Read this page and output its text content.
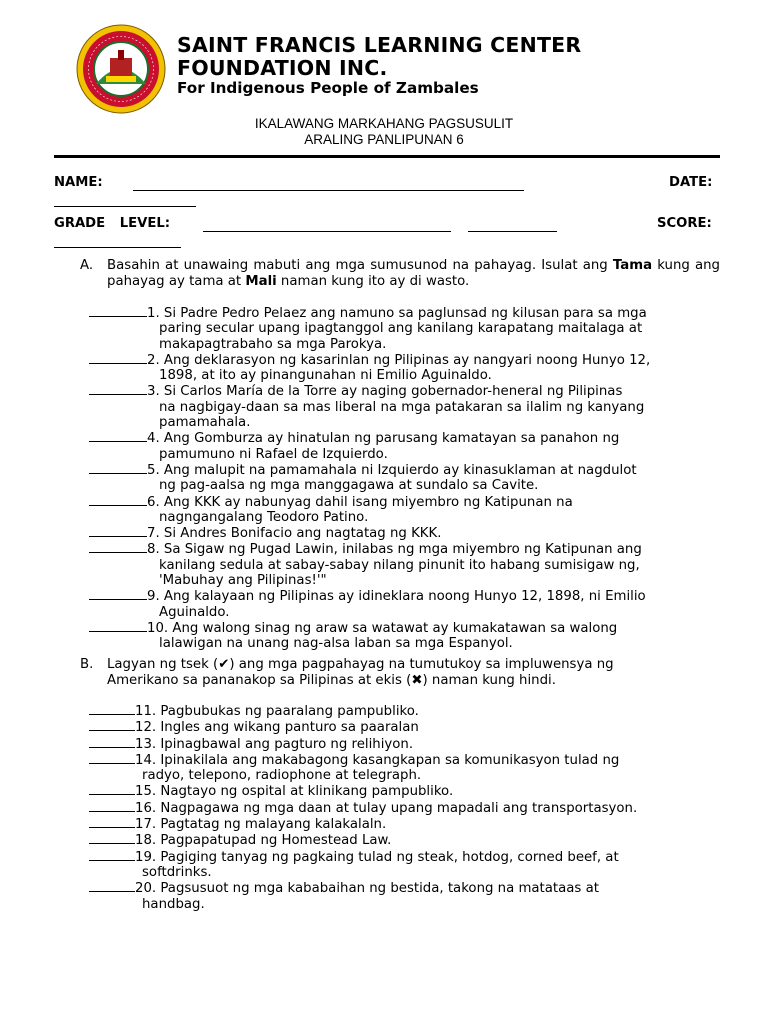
SAINT FRANCIS LEARNING CENTER
FOUNDATION INC.
For Indigenous People of Zambales
IKALAWANG MARKAHANG PAGSUSULIT
ARALING PANLIPUNAN 6
NAME:	DATE:
GRADE LEVEL:	SCORE:
A. Basahin at unawaing mabuti ang mga sumusunod na pahayag. Isulat ang Tama kung ang pahayag ay tama at Mali naman kung ito ay di wasto.
1. Si Padre Pedro Pelaez ang namuno sa paglunsad ng kilusan para sa mga
paring secular upang ipagtanggol ang kanilang karapatang maitalaga at
makapagtrabaho sa mga Parokya.
2. Ang deklarasyon ng kasarinlan ng Pilipinas ay nangyari noong Hunyo 12,
1898, at ito ay pinangunahan ni Emilio Aguinaldo.
3. Si Carlos María de la Torre ay naging gobernador-heneral ng Pilipinas
na nagbigay-daan sa mas liberal na mga patakaran sa ilalim ng kanyang
pamamahala.
4. Ang Gomburza ay hinatulan ng parusang kamatayan sa panahon ng
pamumuno ni Rafael de Izquierdo.
5. Ang malupit na pamamahala ni Izquierdo ay kinasuklaman at nagdulot
ng pag-aalsa ng mga manggagawa at sundalo sa Cavite.
6. Ang KKK ay nabunyag dahil isang miyembro ng Katipunan na
nagngangalang Teodoro Patino.
7. Si Andres Bonifacio ang nagtatag ng KKK.
8. Sa Sigaw ng Pugad Lawin, inilabas ng mga miyembro ng Katipunan ang
kanilang sedula at sabay-sabay nilang pinunit ito habang sumisigaw ng,
'Mabuhay ang Pilipinas!'"
9. Ang kalayaan ng Pilipinas ay idineklara noong Hunyo 12, 1898, ni Emilio
Aguinaldo.
10. Ang walong sinag ng araw sa watawat ay kumakatawan sa walong
lalawigan na unang nag-alsa laban sa mga Espanyol.
B. Lagyan ng tsek (✔) ang mga pagpahayag na tumutukoy sa impluwensya ng
Amerikano sa pananakop sa Pilipinas at ekis (✖) naman kung hindi.
11. Pagbubukas ng paaralang pampubliko.
12. Ingles ang wikang panturo sa paaralan
13. Ipinagbawal ang pagturo ng relihiyon.
14. Ipinakilala ang makabagong kasangkapan sa komunikasyon tulad ng
radyo, telepono, radiophone at telegraph.
15. Nagtayo ng ospital at klinikang pampubliko.
16. Nagpagawa ng mga daan at tulay upang mapadali ang transportasyon.
17. Pagtatag ng malayang kalakalaln.
18. Pagpapatupad ng Homestead Law.
19. Pagiging tanyag ng pagkaing tulad ng steak, hotdog, corned beef, at
softdrinks.
20. Pagsusuot ng mga kababaihan ng bestida, takong na matataas at
handbag.
